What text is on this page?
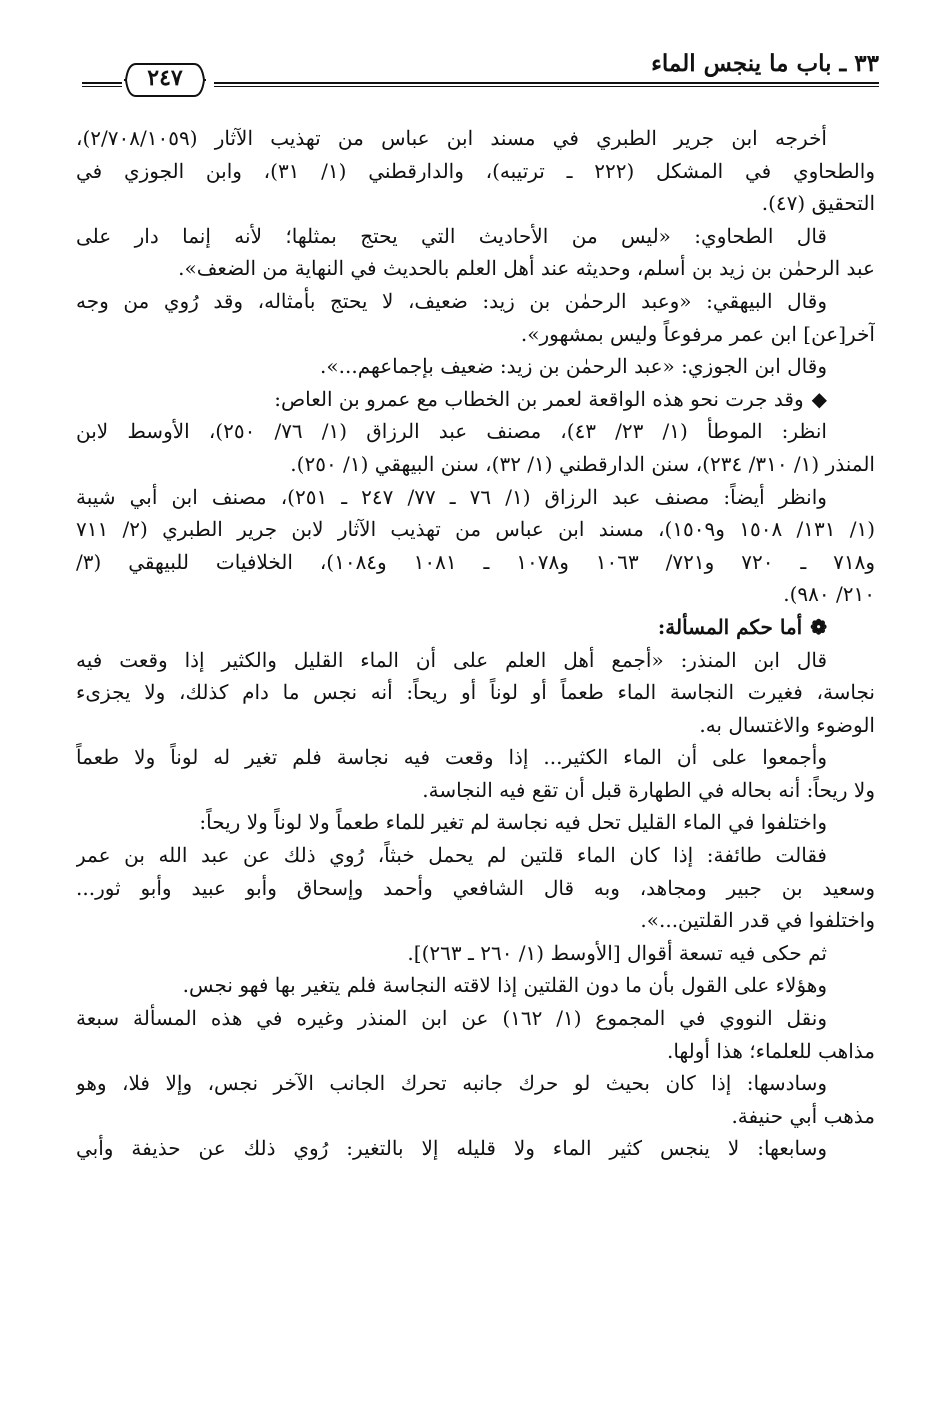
٣٣ ـ باب ما ينجس الماء
٢٤٧
أخرجه ابن جرير الطبري في مسند ابن عباس من تهذيب الآثار (٢/٧٠٨/١٠٥٩)،
والطحاوي في المشكل (٢٢٢ ـ ترتيبه)، والدارقطني (١/ ٣١)، وابن الجوزي في
التحقيق (٤٧).
قال الطحاوي: «ليس من الأحاديث التي يحتج بمثلها؛ لأنه إنما دار على
عبد الرحمٰن بن زيد بن أسلم، وحديثه عند أهل العلم بالحديث في النهاية من الضعف».
وقال البيهقي: «وعبد الرحمٰن بن زيد: ضعيف، لا يحتج بأمثاله، وقد رُوي من وجه
آخر[عن] ابن عمر مرفوعاً وليس بمشهور».
وقال ابن الجوزي: «عبد الرحمٰن بن زيد: ضعيف بإجماعهم...».
◆وقد جرت نحو هذه الواقعة لعمر بن الخطاب مع عمرو بن العاص:
انظر: الموطأ (١/ ٢٣/ ٤٣)، مصنف عبد الرزاق (١/ ٧٦/ ٢٥٠)، الأوسط لابن
المنذر (١/ ٣١٠/ ٢٣٤)، سنن الدارقطني (١/ ٣٢)، سنن البيهقي (١/ ٢٥٠).
وانظر أيضاً: مصنف عبد الرزاق (١/ ٧٦ ـ ٧٧/ ٢٤٧ ـ ٢٥١)، مصنف ابن أبي شيبة
(١/ ١٣١/ ١٥٠٨ و١٥٠٩)، مسند ابن عباس من تهذيب الآثار لابن جرير الطبري (٢/ ٧١١
و٧١٨ ـ ٧٢٠ و٧٢١/ ١٠٦٣ و١٠٧٨ ـ ١٠٨١ و١٠٨٤)، الخلافيات للبيهقي (٣/
٢١٠/ ٩٨٠).
❁أما حكم المسألة:
قال ابن المنذر: «أجمع أهل العلم على أن الماء القليل والكثير إذا وقعت فيه
نجاسة، فغيرت النجاسة الماء طعماً أو لوناً أو ريحاً: أنه نجس ما دام كذلك، ولا يجزىء
الوضوء والاغتسال به.
وأجمعوا على أن الماء الكثير... إذا وقعت فيه نجاسة فلم تغير له لوناً ولا طعماً
ولا ريحاً: أنه بحاله في الطهارة قبل أن تقع فيه النجاسة.
واختلفوا في الماء القليل تحل فيه نجاسة لم تغير للماء طعماً ولا لوناً ولا ريحاً:
فقالت طائفة: إذا كان الماء قلتين لم يحمل خبثاً، رُوي ذلك عن عبد الله بن عمر
وسعيد بن جبير ومجاهد، وبه قال الشافعي وأحمد وإسحاق وأبو عبيد وأبو ثور...
واختلفوا في قدر القلتين...».
ثم حكى فيه تسعة أقوال [الأوسط (١/ ٢٦٠ ـ ٢٦٣)].
وهؤلاء على القول بأن ما دون القلتين إذا لاقته النجاسة فلم يتغير بها فهو نجس.
ونقل النووي في المجموع (١/ ١٦٢) عن ابن المنذر وغيره في هذه المسألة سبعة
مذاهب للعلماء؛ هذا أولها.
وسادسها: إذا كان بحيث لو حرك جانبه تحرك الجانب الآخر نجس، وإلا فلا، وهو
مذهب أبي حنيفة.
وسابعها: لا ينجس كثير الماء ولا قليله إلا بالتغير: رُوي ذلك عن حذيفة وأبي
